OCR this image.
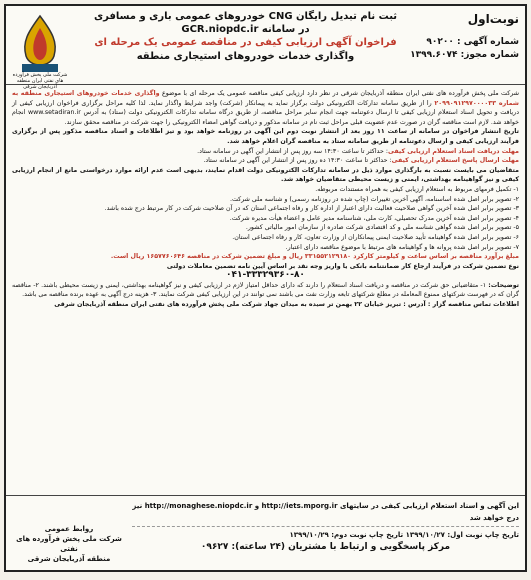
شرکت ملی پخش فرآورده های نفتی ایران منطقه آذربایجان شرقی
نوبت‌اول
شماره آگهی : ۹۰۲۰۰
شماره مجوز: ۱۳۹۹.۶۰۷۴
ثبت نام تبدیل رایگان CNG خودروهای عمومی باری و مسافری
در سامانه GCR.niopdc.ir
فراخوان آگهی ارزیابی کیفی در مناقصه عمومی یک مرحله ای
واگذاری خدمات خودروهای استیجاری منطقه
شرکت ملی پخش فرآورده های نفتی ایران منطقه آذربایجان شرقی در نظر دارد ارزیابی کیفی مناقصه عمومی یک مرحله ای با موضوع واگذاری خدمات خودروهای استیجاری منطقه به شماره ۲۰۹۹۰۹۱۲۹۷۰۰۰۰۳۳ را از طریق سامانه تدارکات الکترونیکی دولت برگزار نماید به پیمانکار (شرکت) واجد شرایط واگذار نماید. لذا کلیه مراحل برگزاری فراخوان ارزیابی کیفی از دریافت و تحویل اسناد استعلام ارزیابی کیفی تا ارسال دعوتنامه جهت انجام سایر مراحل مناقصه، از طریق درگاه سامانه تدارکات الکترونیکی دولت (ستاد) به آدرس www.setadiran.ir انجام خواهد شد. لازم است مناقصه گران در صورت عدم عضویت قبلی مراحل ثبت نام در سامانه مذکور و دریافت گواهی امضاء الکترونیکی را جهت شرکت در مناقصه محقق سازند.
تاریخ انتشار فراخوان در سامانه از ساعت ۱۱ روز بعد از انتشار نوبت دوم این آگهی در روزنامه خواهد بود و تیز اطلاعات و اسناد مناقصه مذکور پس از برگزاری فرآیند ارزیابی کیفی و ارسال دعوتنامه از طریق سامانه ستاد به مناقصه گران اعلام خواهد شد.
مهلت دریافت اسناد استعلام ارزیابی کیفی: حداکثر تا ساعت ۱۴:۳۰ سه روز پس از انتشار این آگهی در سامانه ستاد.
مهلت ارسال پاسخ استعلام ارزیابی کیفی: حداکثر تا ساعت ۱۴:۳۰ ده روز پس از انتشار این آگهی در سامانه ستاد.
متقاضیان می بایست نسبت به بارگذاری موارد ذیل در سامانه تدارکات الکترونیکی دولت اقدام نمایند، بدیهی است عدم ارائه موارد درخواستی مانع از انجام ارزیابی کیفی و نیز گواهینامه بهداشتی، ایمنی و زیست محیطی متقاضیان خواهد شد.
۱- تکمیل فرمهای مربوط به استعلام ارزیابی کیفی به همراه مستندات مربوطه.
۲- تصویر برابر اصل شده اساسنامه، آگهی آخرین تغییرات (چاپ شده در روزنامه رسمی) و شناسه ملی شرکت.
۳- تصویر برابر اصل شده آخرین گواهی صلاحیت فعالیت دارای اعتبار از اداره کار و رفاه اجتماعی استان که در آن صلاحیت شرکت در کار مرتبط درج شده باشد.
۴- تصویر برابر اصل شده آخرین مدرک تحصیلی، کارت ملی، شناسنامه مدیر عامل و اعضاء هیأت مدیره شرکت.
۵- تصویر برابر اصل شده گواهی شناسه ملی و کد اقتصادی شرکت صادره از سازمان امور مالیاتی کشور.
۶- تصویر برابر اصل شده گواهینامه تأیید صلاحیت ایمنی پیمانکاران از وزارت تعاون، کار و رفاه اجتماعی استان.
۷- تصویر برابر اصل شده پروانه ها و گواهینامه های مرتبط با موضوع مناقصه دارای اعتبار.
مبلغ برآورد مناقصه بر اساس ساعت و کیلومتر کارکرد ۳۳۱۵۵۲۱۲۹۱۸۰ ریال و مبلغ تضمین شرکت در مناقصه ۱۶۵۷۷۶۰۶۴۶ ریال است.
نوع تضمین شرکت در فرآیند ارجاع کار ضمانتنامه بانکی یا واریز وجه نقد بر اساس آیین نامه تضمین معاملات دولتی
۰۴۱-۳۳۳۲۹۳۶۰-۸۰
توضیحات: ۱- متقاضیانی حق شرکت در مناقصه و دریافت اسناد استعلام را دارند که دارای حداقل امتیاز لازم در ارزیابی کیفی و نیز گواهینامه بهداشتی، ایمنی و زیست محیطی باشند. ۲- مناقصه گران که در فهرست شرکتهای ممنوع المعامله در مطلع شرکتهای تابعه وزارت نفت می باشند نمی توانند در این ارزیابی کیفی شرکت نمایند. ۳- هزینه درج آگهی به عهده برنده مناقصه می باشد.
اطلاعات تماس مناقصه گزار : آدرس : تبریز خیابان ۲۲ بهمن تر سیده به میدان جهاد شرکت ملی پخش فرآورده های نفتی ایران منطقه آذربایجان شرقی
این آگهی و اسناد استعلام ارزیابی کیفی در سایتهای http://iets.mporg.ir و http://monaghese.niopdc.ir نیز درج خواهد شد
تاریخ چاپ نوبت اول: ۱۳۹۹/۱۰/۲۷ تاریخ چاپ نوبت دوم: ۱۳۹۹/۱۰/۲۹
مرکز پاسخگویی و ارتباط با مشتریان (۲۴ ساعته): ۰۹۶۲۷
روابط عمومی
شرکت ملی پخش فرآورده های نفتی
منطقه آذربایجان شرقی
